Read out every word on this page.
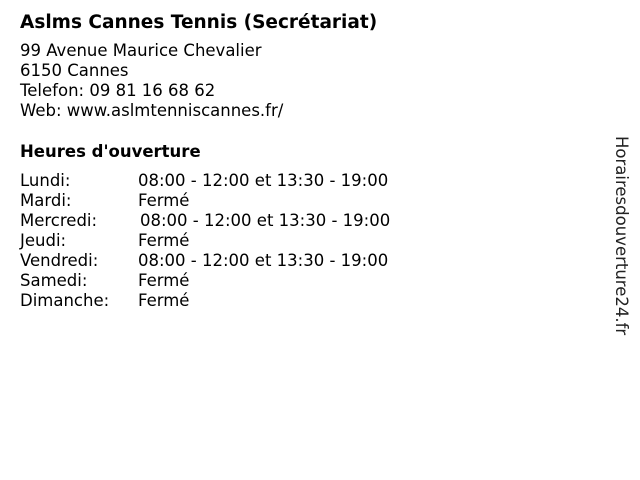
Aslms Cannes Tennis (Secrétariat)
99 Avenue Maurice Chevalier
6150 Cannes
Telefon: 09 81 16 68 62
Web: www.aslmtenniscannes.fr/
Heures d'ouverture
Lundi:	08:00 - 12:00 et 13:30 - 19:00
Mardi:	Fermé
Mercredi:	08:00 - 12:00 et 13:30 - 19:00
Jeudi:	Fermé
Vendredi:	08:00 - 12:00 et 13:30 - 19:00
Samedi:	Fermé
Dimanche:	Fermé	Horairesdouverture24.fr
